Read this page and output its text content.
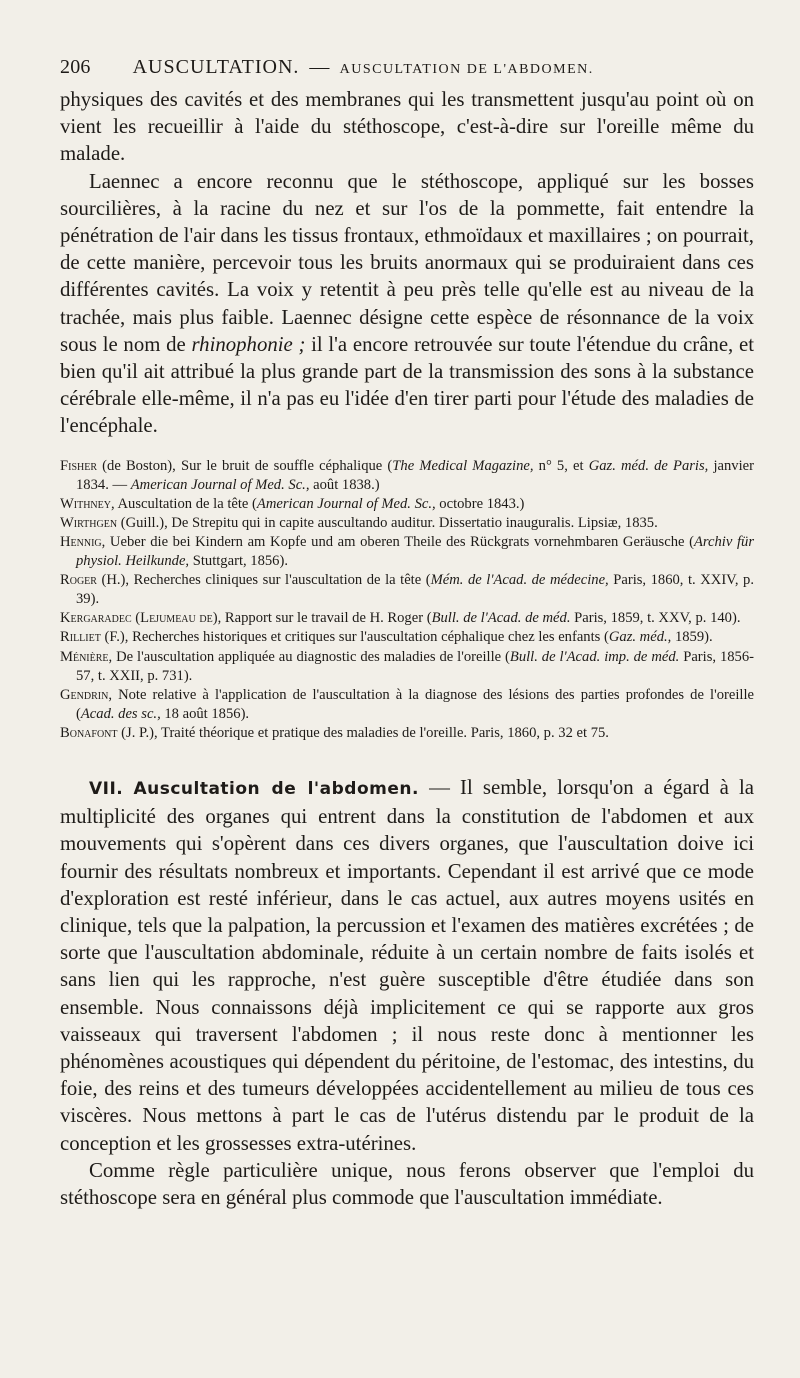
206 AUSCULTATION. — AUSCULTATION DE L'ABDOMEN.

physiques des cavités et des membranes qui les transmettent jusqu'au point où on vient les recueillir à l'aide du stéthoscope, c'est-à-dire sur l'oreille même du malade.

Laennec a encore reconnu que le stéthoscope, appliqué sur les bosses sourcilières, à la racine du nez et sur l'os de la pommette, fait entendre la pénétration de l'air dans les tissus frontaux, ethmoïdaux et maxillaires ; on pourrait, de cette manière, percevoir tous les bruits anormaux qui se produiraient dans ces différentes cavités. La voix y retentit à peu près telle qu'elle est au niveau de la trachée, mais plus faible. Laennec désigne cette espèce de résonnance de la voix sous le nom de rhinophonie ; il l'a encore retrouvée sur toute l'étendue du crâne, et bien qu'il ait attribué la plus grande part de la transmission des sons à la substance cérébrale elle-même, il n'a pas eu l'idée d'en tirer parti pour l'étude des maladies de l'encéphale.

Fisher (de Boston), Sur le bruit de souffle céphalique (The Medical Magazine, n° 5, et Gaz. méd. de Paris, janvier 1834. — American Journal of Med. Sc., août 1838.)

Withney, Auscultation de la tête (American Journal of Med. Sc., octobre 1843.)

Wirthgen (Guill.), De Strepitu qui in capite auscultando auditur. Dissertatio inauguralis. Lipsiæ, 1835.

Hennig, Ueber die bei Kindern am Kopfe und am oberen Theile des Rückgrats vornehmbaren Geräusche (Archiv für physiol. Heilkunde, Stuttgart, 1856).

Roger (H.), Recherches cliniques sur l'auscultation de la tête (Mém. de l'Acad. de médecine, Paris, 1860, t. XXIV, p. 39).

Kergaradec (Lejumeau de), Rapport sur le travail de H. Roger (Bull. de l'Acad. de méd. Paris, 1859, t. XXV, p. 140).

Rilliet (F.), Recherches historiques et critiques sur l'auscultation céphalique chez les enfants (Gaz. méd., 1859).

Ménière, De l'auscultation appliquée au diagnostic des maladies de l'oreille (Bull. de l'Acad. imp. de méd. Paris, 1856-57, t. XXII, p. 731).

Gendrin, Note relative à l'application de l'auscultation à la diagnose des lésions des parties profondes de l'oreille (Acad. des sc., 18 août 1856).

Bonafont (J. P.), Traité théorique et pratique des maladies de l'oreille. Paris, 1860, p. 32 et 75.

VII. Auscultation de l'abdomen. — Il semble, lorsqu'on a égard à la multiplicité des organes qui entrent dans la constitution de l'abdomen et aux mouvements qui s'opèrent dans ces divers organes, que l'auscultation doive ici fournir des résultats nombreux et importants. Cependant il est arrivé que ce mode d'exploration est resté inférieur, dans le cas actuel, aux autres moyens usités en clinique, tels que la palpation, la percussion et l'examen des matières excrétées ; de sorte que l'auscultation abdominale, réduite à un certain nombre de faits isolés et sans lien qui les rapproche, n'est guère susceptible d'être étudiée dans son ensemble. Nous connaissons déjà implicitement ce qui se rapporte aux gros vaisseaux qui traversent l'abdomen ; il nous reste donc à mentionner les phénomènes acoustiques qui dépendent du péritoine, de l'estomac, des intestins, du foie, des reins et des tumeurs développées accidentellement au milieu de tous ces viscères. Nous mettons à part le cas de l'utérus distendu par le produit de la conception et les grossesses extra-utérines.

Comme règle particulière unique, nous ferons observer que l'emploi du stéthoscope sera en général plus commode que l'auscultation immédiate.
